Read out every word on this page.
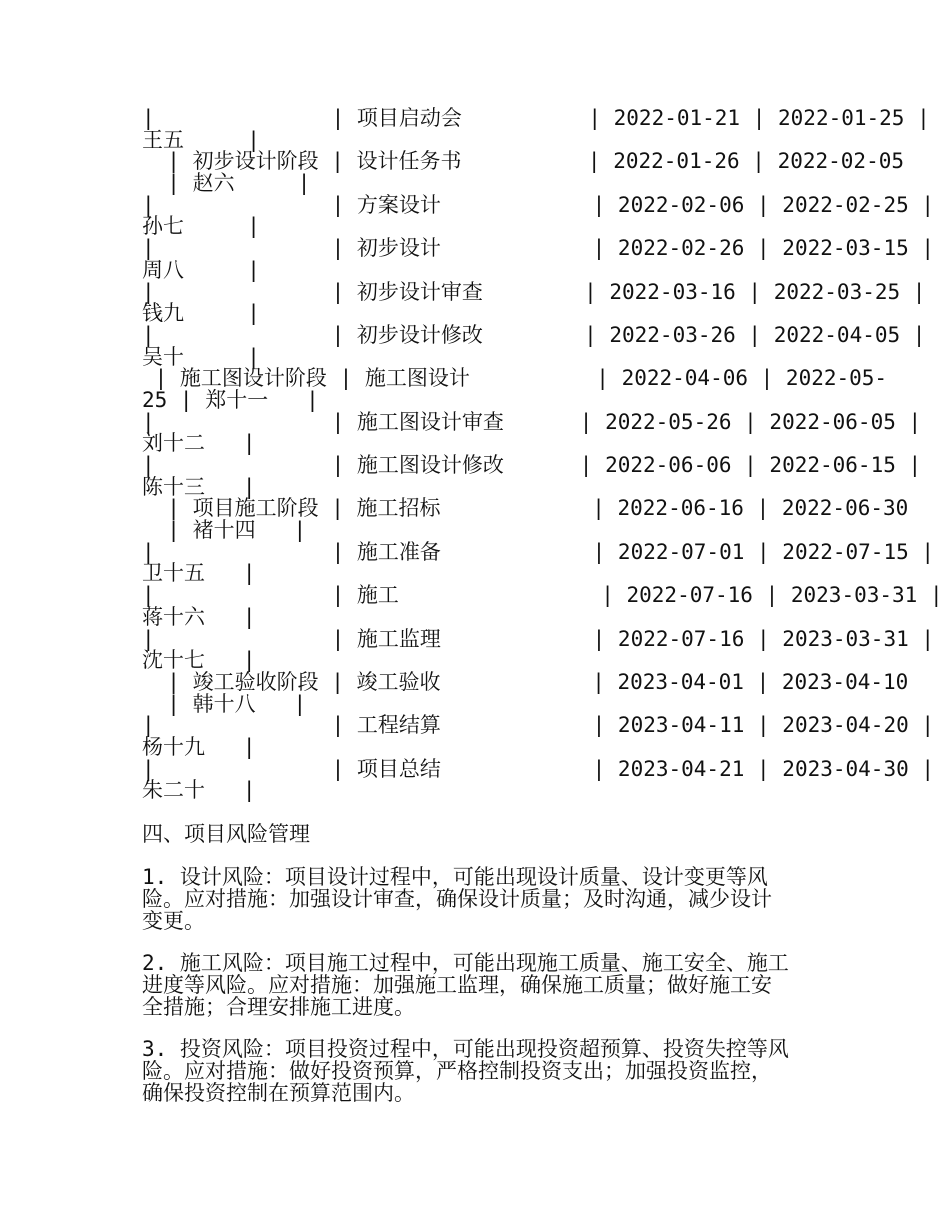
|              | 项目启动会          | 2022-01-21 | 2022-01-25 |
王五     |
| 初步设计阶段 | 设计任务书          | 2022-01-26 | 2022-02-05
| 赵六     |
|              | 方案设计            | 2022-02-06 | 2022-02-25 |
孙七     |
|              | 初步设计            | 2022-02-26 | 2022-03-15 |
周八     |
|              | 初步设计审查        | 2022-03-16 | 2022-03-25 |
钱九     |
|              | 初步设计修改        | 2022-03-26 | 2022-04-05 |
吴十     |
| 施工图设计阶段 | 施工图设计          | 2022-04-06 | 2022-05-
25 | 郑十一   |
|              | 施工图设计审查      | 2022-05-26 | 2022-06-05 |
刘十二   |
|              | 施工图设计修改      | 2022-06-06 | 2022-06-15 |
陈十三   |
| 项目施工阶段 | 施工招标            | 2022-06-16 | 2022-06-30
| 褚十四   |
|              | 施工准备            | 2022-07-01 | 2022-07-15 |
卫十五   |
|              | 施工                | 2022-07-16 | 2023-03-31 |
蒋十六   |
|              | 施工监理            | 2022-07-16 | 2023-03-31 |
沈十七   |
| 竣工验收阶段 | 竣工验收            | 2023-04-01 | 2023-04-10
| 韩十八   |
|              | 工程结算            | 2023-04-11 | 2023-04-20 |
杨十九   |
|              | 项目总结            | 2023-04-21 | 2023-04-30 |
朱二十   |
四、项目风险管理
1. 设计风险：项目设计过程中，可能出现设计质量、设计变更等风
险。应对措施：加强设计审查，确保设计质量；及时沟通，减少设计
变更。
2. 施工风险：项目施工过程中，可能出现施工质量、施工安全、施工
进度等风险。应对措施：加强施工监理，确保施工质量；做好施工安
全措施；合理安排施工进度。
3. 投资风险：项目投资过程中，可能出现投资超预算、投资失控等风
险。应对措施：做好投资预算，严格控制投资支出；加强投资监控，
确保投资控制在预算范围内。
